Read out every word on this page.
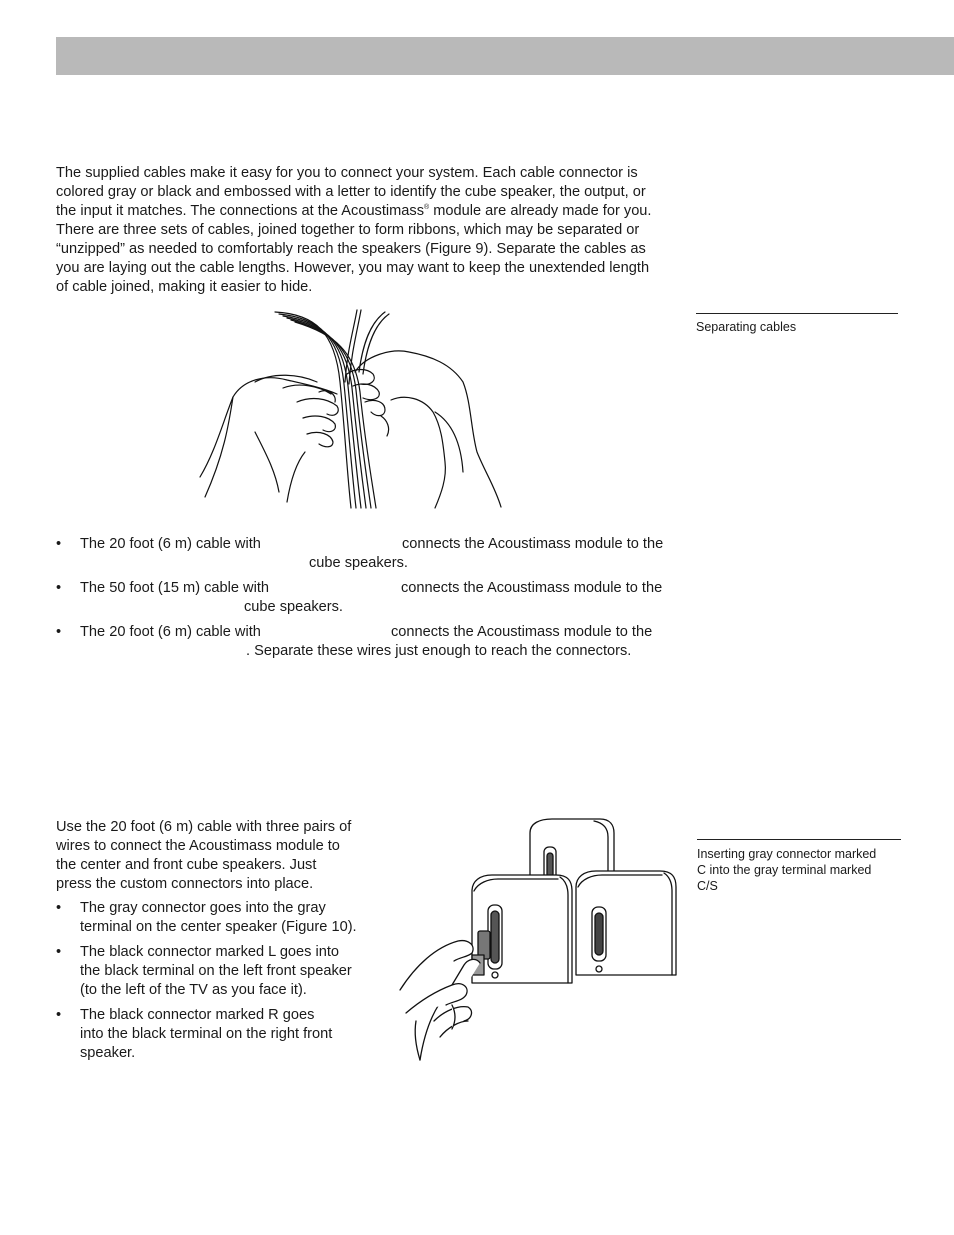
The supplied cables make it easy for you to connect your system. Each cable connector is
colored gray or black and embossed with a letter to identify the cube speaker, the output, or
the input it matches. The connections at the Acoustimass® module are already made for you.
There are three sets of cables, joined together to form ribbons, which may be separated or
“unzipped” as needed to comfortably reach the speakers (Figure 9). Separate the cables as
you are laying out the cable lengths. However, you may want to keep the unextended length
of cable joined, making it easier to hide.
Separating cables
• The 20 foot (6 m) cable with	connects the Acoustimass module to the
cube speakers.
• The 50 foot (15 m) cable with	connects the Acoustimass module to the
cube speakers.
• The 20 foot (6 m) cable with	connects the Acoustimass module to the
. Separate these wires just enough to reach the connectors.
Use the 20 foot (6 m) cable with three pairs of
wires to connect the Acoustimass module to
the center and front cube speakers. Just
press the custom connectors into place.
• The gray connector goes into the gray
terminal on the center speaker (Figure 10).
• The black connector marked L goes into
the black terminal on the left front speaker
(to the left of the TV as you face it).
• The black connector marked R goes
into the black terminal on the right front
speaker.
Inserting gray connector marked
C into the gray terminal marked
C/S
